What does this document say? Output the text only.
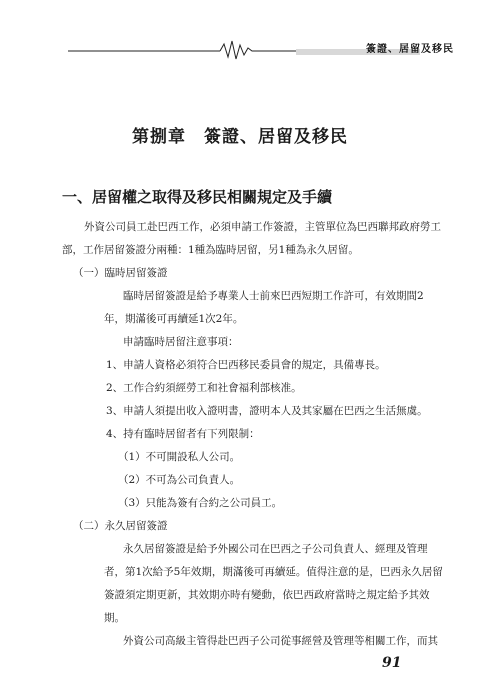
簽證、居留及移民
第捌章　簽證、居留及移民
一、居留權之取得及移民相關規定及手續
外資公司員工赴巴西工作，必須申請工作簽證，主管單位為巴西聯邦政府勞工
部，工作居留簽證分兩種：1種為臨時居留，另1種為永久居留。
（一）臨時居留簽證
臨時居留簽證是給予專業人士前來巴西短期工作許可，有效期間2
年，期滿後可再續延1次2年。
申請臨時居留注意事項：
1、申請人資格必須符合巴西移民委員會的規定，具備專長。
2、工作合約須經勞工和社會福利部核准。
3、申請人須提出收入證明書，證明本人及其家屬在巴西之生活無虞。
4、持有臨時居留者有下列限制：
（1）不可開設私人公司。
（2）不可為公司負責人。
（3）只能為簽有合約之公司員工。
（二）永久居留簽證
永久居留簽證是給予外國公司在巴西之子公司負責人、經理及管理
者，第1次給予5年效期，期滿後可再續延。值得注意的是，巴西永久居留
簽證須定期更新，其效期亦時有變動，依巴西政府當時之規定給予其效
期。
外資公司高級主管得赴巴西子公司從事經營及管理等相關工作，而其
91
